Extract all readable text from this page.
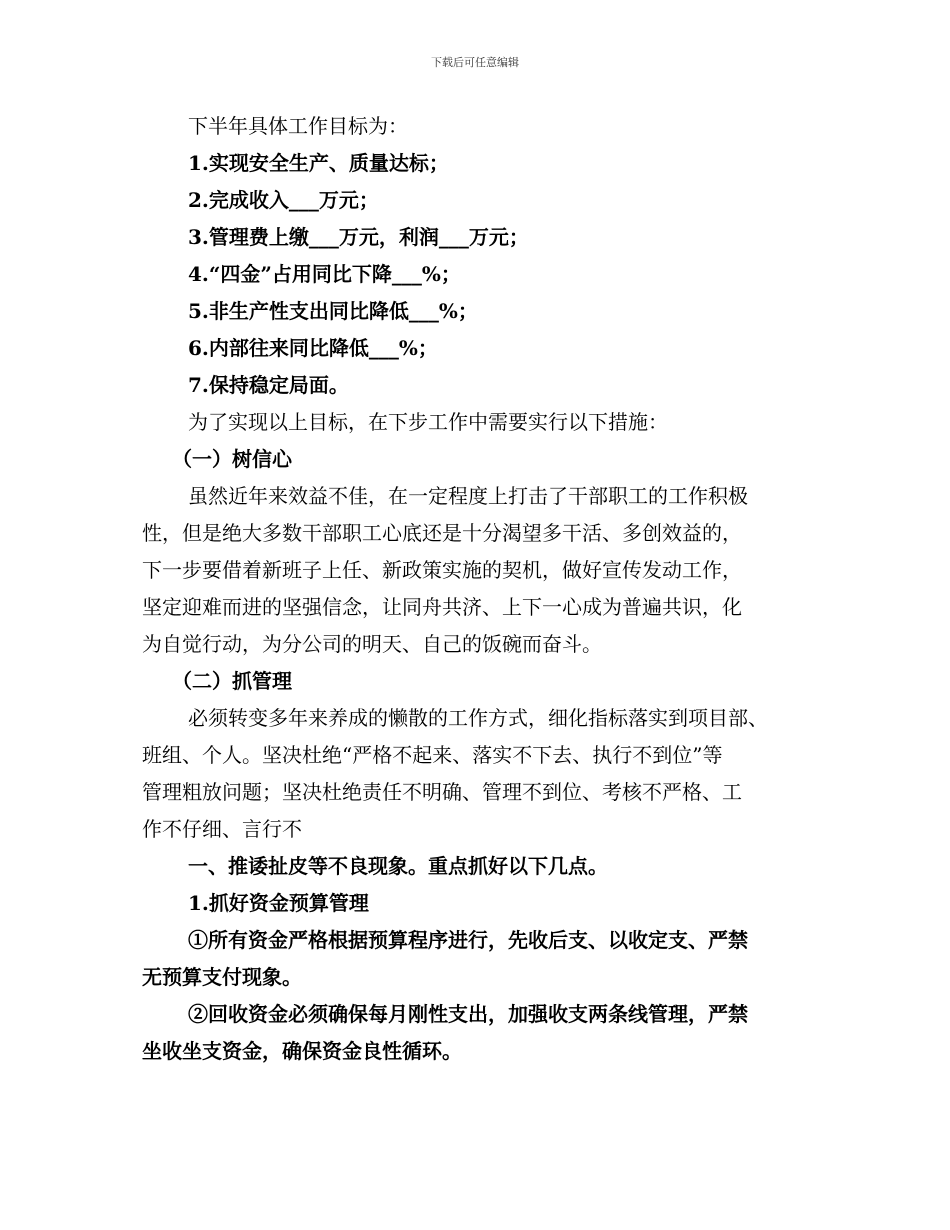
下载后可任意编辑
下半年具体工作目标为：
1.实现安全生产、质量达标；
2.完成收入___万元；
3.管理费上缴___万元，利润___万元；
4.“四金”占用同比下降___%；
5.非生产性支出同比降低___%；
6.内部往来同比降低___%；
7.保持稳定局面。
为了实现以上目标，在下步工作中需要实行以下措施：
（一）树信心
虽然近年来效益不佳，在一定程度上打击了干部职工的工作积极
性，但是绝大多数干部职工心底还是十分渴望多干活、多创效益的，
下一步要借着新班子上任、新政策实施的契机，做好宣传发动工作，
坚定迎难而进的坚强信念，让同舟共济、上下一心成为普遍共识，化
为自觉行动，为分公司的明天、自己的饭碗而奋斗。
（二）抓管理
必须转变多年来养成的懒散的工作方式，细化指标落实到项目部、
班组、个人。坚决杜绝“严格不起来、落实不下去、执行不到位”等
管理粗放问题；坚决杜绝责任不明确、管理不到位、考核不严格、工
作不仔细、言行不
一、推诿扯皮等不良现象。重点抓好以下几点。
1.抓好资金预算管理
①所有资金严格根据预算程序进行，先收后支、以收定支、严禁
无预算支付现象。
②回收资金必须确保每月刚性支出，加强收支两条线管理，严禁
坐收坐支资金，确保资金良性循环。
